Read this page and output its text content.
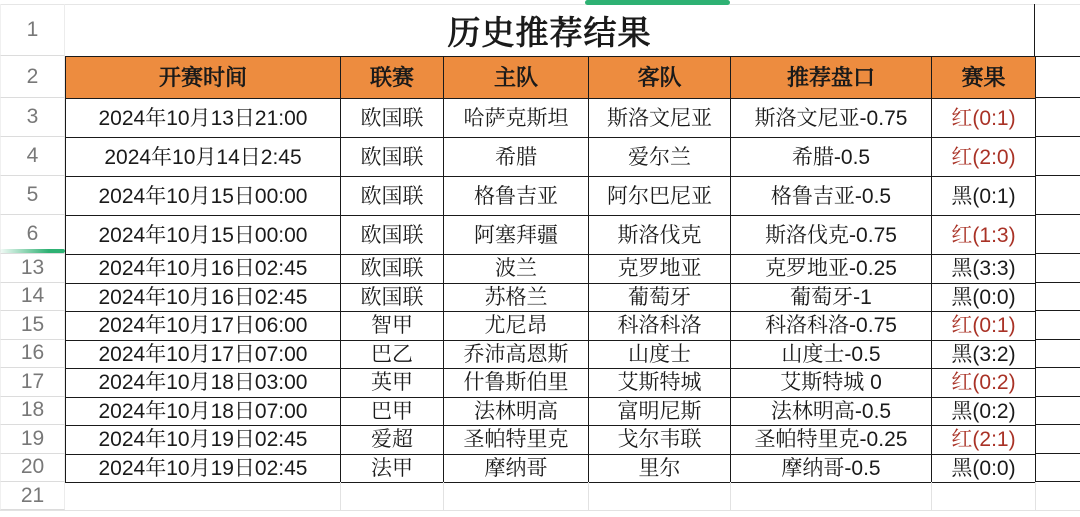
1
2
3
4
5
6
13
14
15
16
17
18
19
20
21
历史推荐结果
开赛时间	联赛	主队	客队	推荐盘口	赛果
2024年10月13日21:00	欧国联	哈萨克斯坦	斯洛文尼亚	斯洛文尼亚-0.75	红(0:1)
2024年10月14日2:45	欧国联	希腊	爱尔兰	希腊-0.5	红(2:0)
2024年10月15日00:00	欧国联	格鲁吉亚	阿尔巴尼亚	格鲁吉亚-0.5	黑(0:1)
2024年10月15日00:00	欧国联	阿塞拜疆	斯洛伐克	斯洛伐克-0.75	红(1:3)
2024年10月16日02:45	欧国联	波兰	克罗地亚	克罗地亚-0.25	黑(3:3)
2024年10月16日02:45	欧国联	苏格兰	葡萄牙	葡萄牙-1	黑(0:0)
2024年10月17日06:00	智甲	尤尼昂	科洛科洛	科洛科洛-0.75	红(0:1)
2024年10月17日07:00	巴乙	乔沛高恩斯	山度士	山度士-0.5	黑(3:2)
2024年10月18日03:00	英甲	什鲁斯伯里	艾斯特城	艾斯特城 0	红(0:2)
2024年10月18日07:00	巴甲	法林明高	富明尼斯	法林明高-0.5	黑(0:2)
2024年10月19日02:45	爱超	圣帕特里克	戈尔韦联	圣帕特里克-0.25	红(2:1)
2024年10月19日02:45	法甲	摩纳哥	里尔	摩纳哥-0.5	黑(0:0)
